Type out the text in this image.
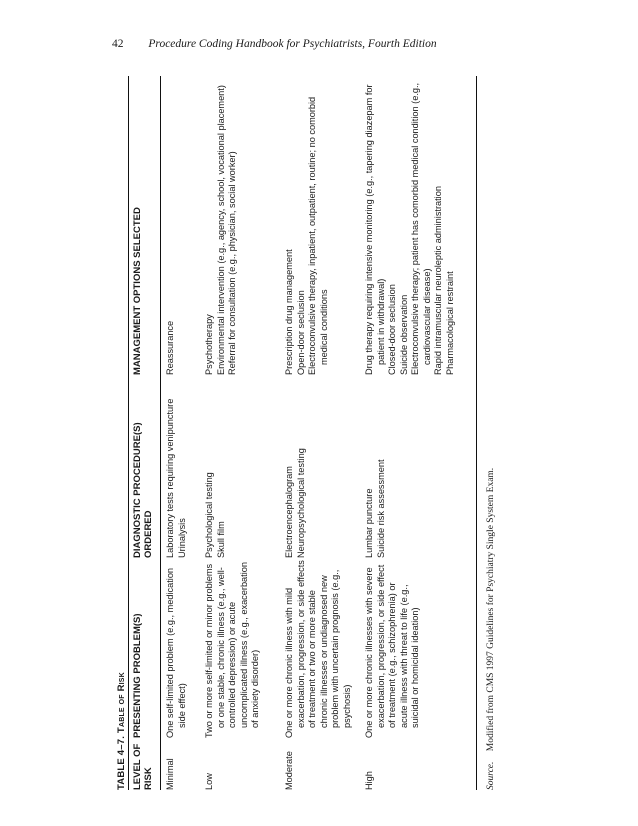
42 Procedure Coding Handbook for Psychiatrists, Fourth Edition
TABLE 4–7. Table of Risk
LEVEL OF RISK
PRESENTING PROBLEM(S)
DIAGNOSTIC PROCEDURE(S) ORDERED
MANAGEMENT OPTIONS SELECTED
Minimal
One self-limited problem (e.g., medication side effect)
Laboratory tests requiring venipuncture Urinalysis
Reassurance
Low
Two or more self-limited or minor problems or one stable, chronic illness (e.g., well-controlled depression) or acute uncomplicated illness (e.g., exacerbation of anxiety disorder)
Psychological testing Skull film
Psychotherapy Environmental intervention (e.g., agency, school, vocational placement) Referral for consultation (e.g., physician, social worker)
Moderate
One or more chronic illness with mild exacerbation, progression, or side effects of treatment or two or more stable chronic illnesses or undiagnosed new problem with uncertain prognosis (e.g., psychosis)
Electroencephalogram Neuropsychological testing
Prescription drug management Open-door seclusion Electroconvulsive therapy, inpatient, outpatient, routine; no comorbid medical conditions
High
One or more chronic illnesses with severe exacerbation, progression, or side effect of treatment (e.g., schizophrenia) or acute illness with threat to life (e.g., suicidal or homicidal ideation)
Lumbar puncture Suicide risk assessment
Drug therapy requiring intensive monitoring (e.g., tapering diazepam for patient in withdrawal) Closed-door seclusion Suicide observation Electroconvulsive therapy; patient has comorbid medical condition (e.g., cardiovascular disease) Rapid intramuscular neuroleptic administration Pharmacological restraint
Source. Modified from CMS 1997 Guidelines for Psychiatry Single System Exam.
